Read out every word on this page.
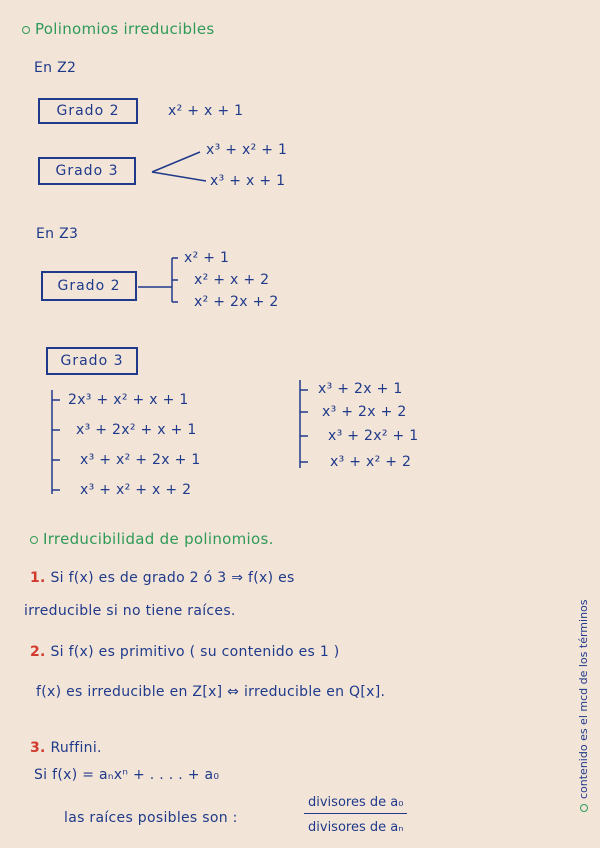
Polinomios irreducibles
En Z2
Grado 2	x² + x + 1
Grado 3
x³ + x² + 1
x³ + x + 1
En Z3
Grado 2
x² + 1
x² + x + 2
x² + 2x + 2
Grado 3
2x³ + x² + x + 1
x³ + 2x² + x + 1
x³ + x² + 2x + 1
x³ + x² + x + 2
x³ + 2x + 1
x³ + 2x + 2
x³ + 2x² + 1
x³ + x² + 2
Irreducibilidad de polinomios.
1. Si f(x) es de grado 2 ó 3 ⇒ f(x) es
irreducible si no tiene raíces.
2. Si f(x) es primitivo ( su contenido es 1 )
f(x) es irreducible en Z[x] ⇔ irreducible en Q[x].
3. Ruffini.
Si f(x) = aₙxⁿ + . . . . + a₀
las raíces posibles son :
divisores de a₀
divisores de aₙ
contenido es el mcd de los términos
